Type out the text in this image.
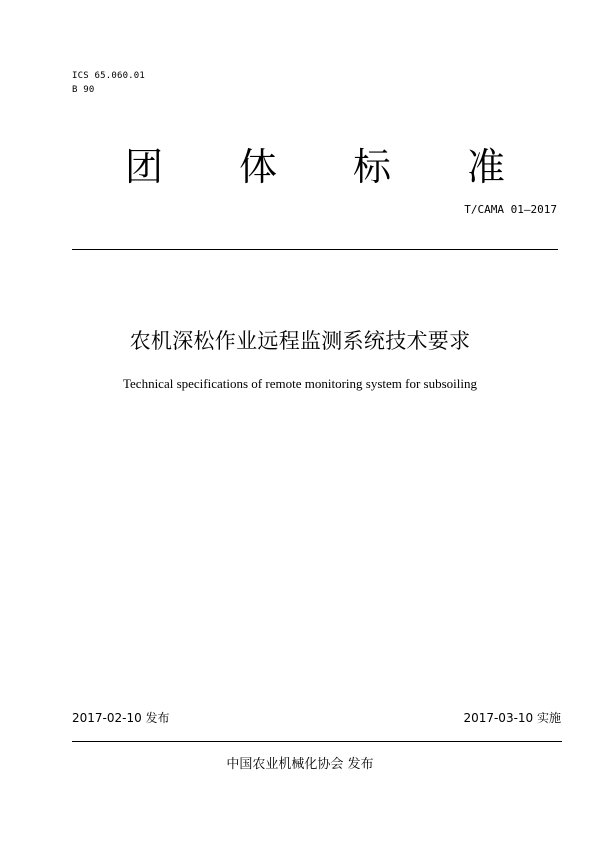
ICS 65.060.01
B 90
团 体 标 准
T/CAMA 01—2017
农机深松作业远程监测系统技术要求
Technical specifications of remote monitoring system for subsoiling
2017-02-10 发布	2017-03-10 实施
中国农业机械化协会 发布
